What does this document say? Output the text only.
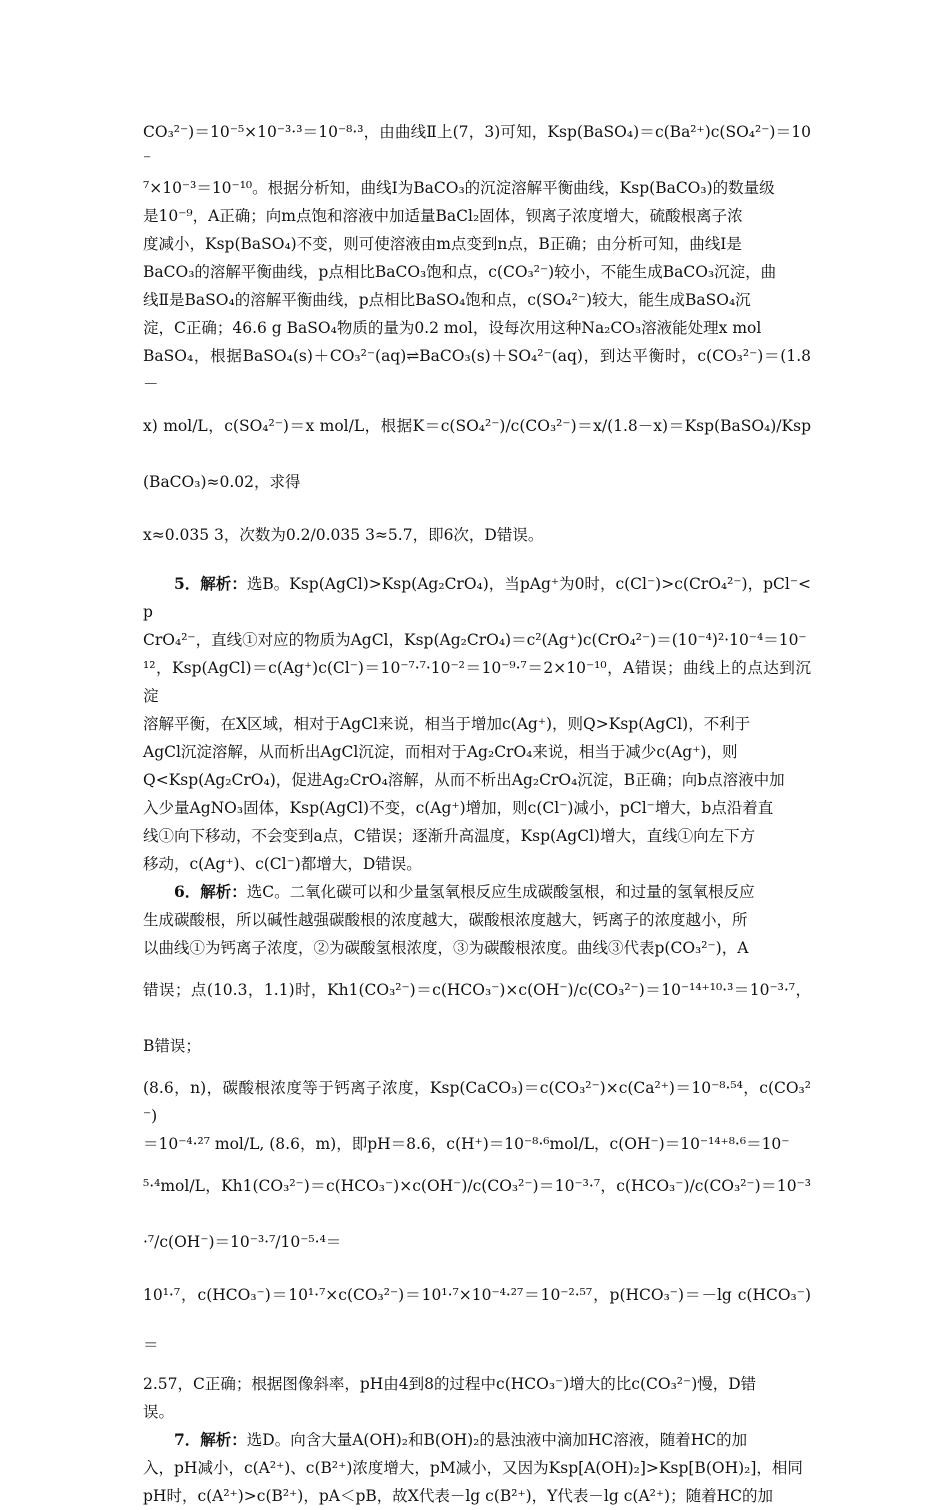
CO₃²⁻)＝10⁻⁵×10⁻³·³＝10⁻⁸·³，由曲线Ⅱ上(7，3)可知，Ksp(BaSO₄)＝c(Ba²⁺)c(SO₄²⁻)＝10⁻
⁷×10⁻³＝10⁻¹⁰。根据分析知，曲线Ⅰ为BaCO₃的沉淀溶解平衡曲线，Ksp(BaCO₃)的数量级
是10⁻⁹，A正确；向m点饱和溶液中加适量BaCl₂固体，钡离子浓度增大，硫酸根离子浓
度减小，Ksp(BaSO₄)不变，则可使溶液由m点变到n点，B正确；由分析可知，曲线Ⅰ是
BaCO₃的溶解平衡曲线，p点相比BaCO₃饱和点，c(CO₃²⁻)较小，不能生成BaCO₃沉淀，曲
线Ⅱ是BaSO₄的溶解平衡曲线，p点相比BaSO₄饱和点，c(SO₄²⁻)较大，能生成BaSO₄沉
淀，C正确；46.6 g BaSO₄物质的量为0.2 mol，设每次用这种Na₂CO₃溶液能处理x mol
BaSO₄，根据BaSO₄(s)＋CO₃²⁻(aq)⇌BaCO₃(s)＋SO₄²⁻(aq)，到达平衡时，c(CO₃²⁻)＝(1.8－
x) mol/L，c(SO₄²⁻)＝x mol/L，根据K＝c(SO₄²⁻)/c(CO₃²⁻)＝x/(1.8－x)＝Ksp(BaSO₄)/Ksp(BaCO₃)≈0.02，求得
x≈0.035 3，次数为0.2/0.035 3≈5.7，即6次，D错误。

5．解析：选B。Ksp(AgCl)>Ksp(Ag₂CrO₄)，当pAg⁺为0时，c(Cl⁻)>c(CrO₄²⁻)，pCl⁻<p
CrO₄²⁻，直线①对应的物质为AgCl，Ksp(Ag₂CrO₄)＝c²(Ag⁺)c(CrO₄²⁻)＝(10⁻⁴)²·10⁻⁴＝10⁻
¹²，Ksp(AgCl)＝c(Ag⁺)c(Cl⁻)＝10⁻⁷·⁷·10⁻²＝10⁻⁹·⁷＝2×10⁻¹⁰，A错误；曲线上的点达到沉淀
溶解平衡，在X区域，相对于AgCl来说，相当于增加c(Ag⁺)，则Q>Ksp(AgCl)，不利于
AgCl沉淀溶解，从而析出AgCl沉淀，而相对于Ag₂CrO₄来说，相当于减少c(Ag⁺)，则
Q<Ksp(Ag₂CrO₄)，促进Ag₂CrO₄溶解，从而不析出Ag₂CrO₄沉淀，B正确；向b点溶液中加
入少量AgNO₃固体，Ksp(AgCl)不变，c(Ag⁺)增加，则c(Cl⁻)减小，pCl⁻增大，b点沿着直
线①向下移动，不会变到a点，C错误；逐渐升高温度，Ksp(AgCl)增大，直线①向左下方
移动，c(Ag⁺)、c(Cl⁻)都增大，D错误。

6．解析：选C。二氧化碳可以和少量氢氧根反应生成碳酸氢根，和过量的氢氧根反应
生成碳酸根，所以碱性越强碳酸根的浓度越大，碳酸根浓度越大，钙离子的浓度越小，所
以曲线①为钙离子浓度，②为碳酸氢根浓度，③为碳酸根浓度。曲线③代表p(CO₃²⁻)，A
错误；点(10.3，1.1)时，Kh1(CO₃²⁻)＝c(HCO₃⁻)×c(OH⁻)/c(CO₃²⁻)＝10⁻¹⁴⁺¹⁰·³＝10⁻³·⁷，B错误；
(8.6，n)，碳酸根浓度等于钙离子浓度，Ksp(CaCO₃)＝c(CO₃²⁻)×c(Ca²⁺)＝10⁻⁸·⁵⁴，c(CO₃²⁻)
＝10⁻⁴·²⁷ mol/L, (8.6，m)，即pH＝8.6，c(H⁺)＝10⁻⁸·⁶mol/L，c(OH⁻)＝10⁻¹⁴⁺⁸·⁶＝10⁻
⁵·⁴mol/L，Kh1(CO₃²⁻)＝c(HCO₃⁻)×c(OH⁻)/c(CO₃²⁻)＝10⁻³·⁷，c(HCO₃⁻)/c(CO₃²⁻)＝10⁻³·⁷/c(OH⁻)＝10⁻³·⁷/10⁻⁵·⁴＝
10¹·⁷，c(HCO₃⁻)＝10¹·⁷×c(CO₃²⁻)＝10¹·⁷×10⁻⁴·²⁷＝10⁻²·⁵⁷，p(HCO₃⁻)＝－lg c(HCO₃⁻)＝
2.57，C正确；根据图像斜率，pH由4到8的过程中c(HCO₃⁻)增大的比c(CO₃²⁻)慢，D错
误。

7．解析：选D。向含大量A(OH)₂和B(OH)₂的悬浊液中滴加HC溶液，随着HC的加
入，pH减小，c(A²⁺)、c(B²⁺)浓度增大，pM减小，又因为Ksp[A(OH)₂]>Ksp[B(OH)₂]，相同
pH时，c(A²⁺)>c(B²⁺)，pA＜pB，故X代表－lg c(B²⁺)，Y代表－lg c(A²⁺)；随着HC的加
